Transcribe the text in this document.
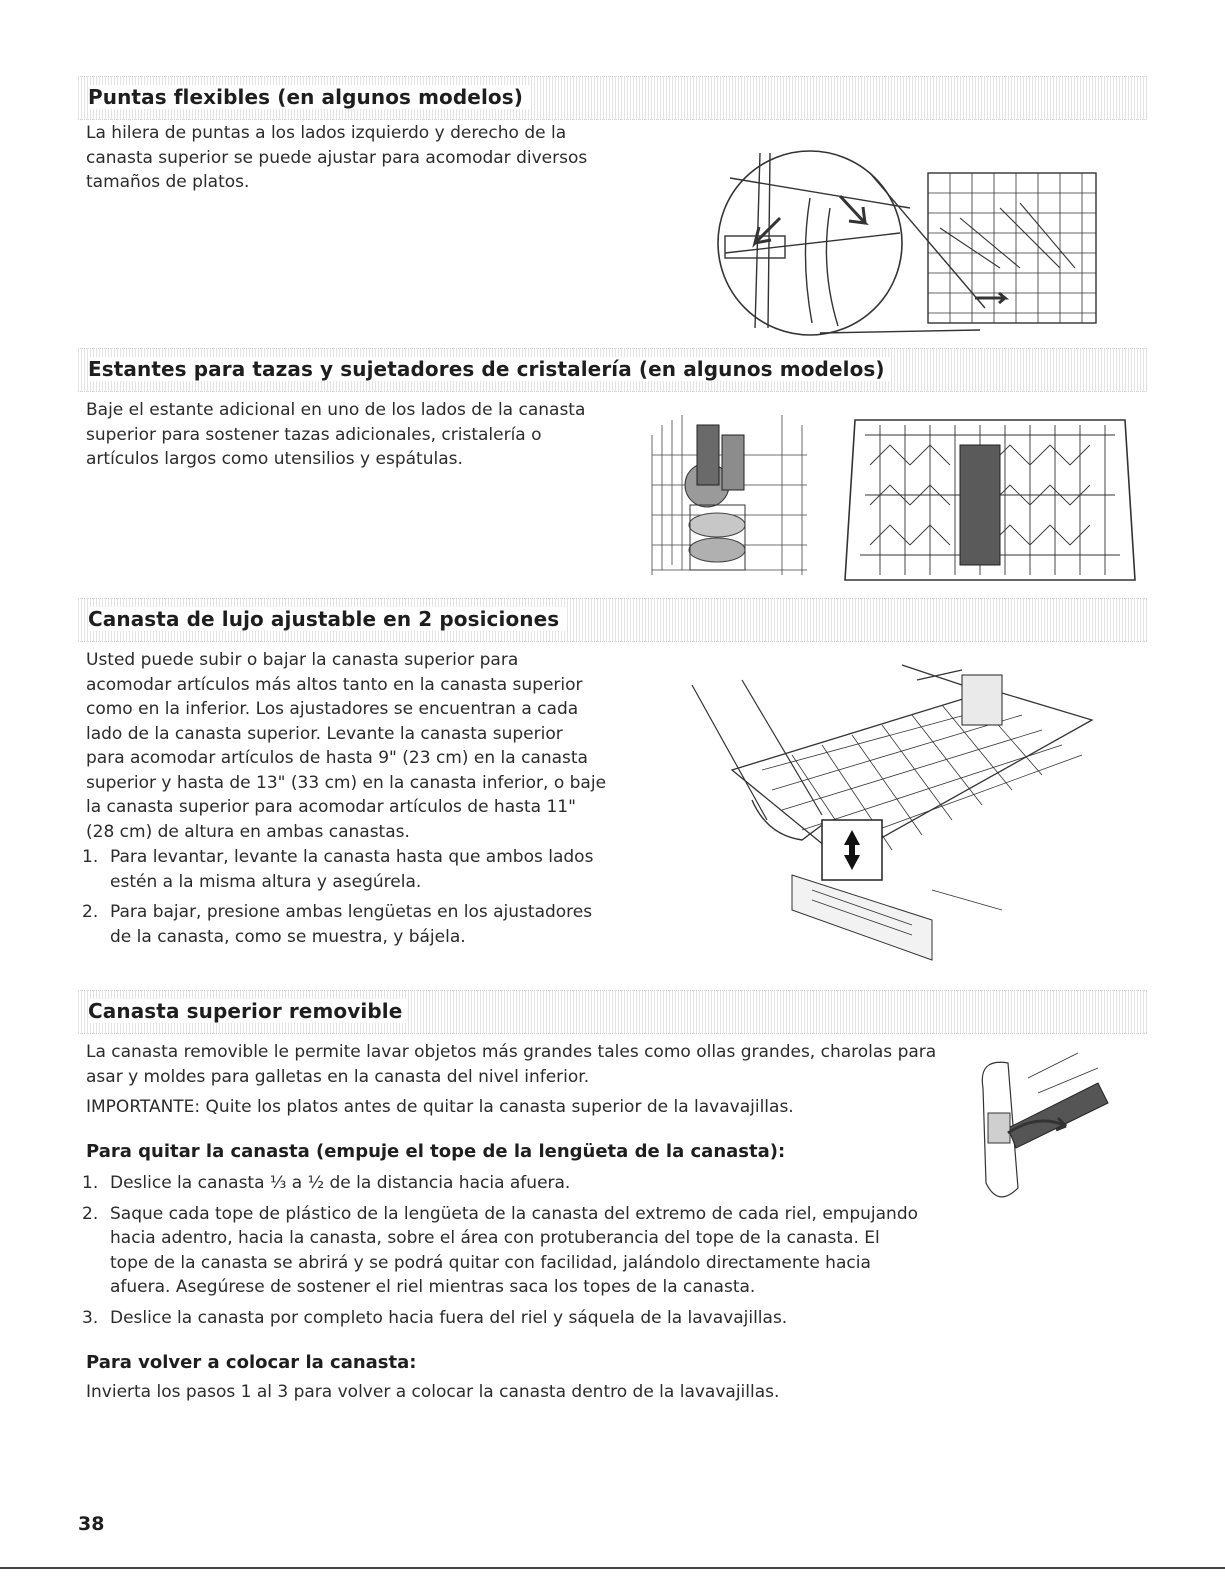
Puntas flexibles (en algunos modelos)

La hilera de puntas a los lados izquierdo y derecho de la
canasta superior se puede ajustar para acomodar diversos
tamaños de platos.

Estantes para tazas y sujetadores de cristalería (en algunos modelos)

Baje el estante adicional en uno de los lados de la canasta
superior para sostener tazas adicionales, cristalería o
artículos largos como utensilios y espátulas.

Canasta de lujo ajustable en 2 posiciones

Usted puede subir o bajar la canasta superior para
acomodar artículos más altos tanto en la canasta superior
como en la inferior. Los ajustadores se encuentran a cada
lado de la canasta superior. Levante la canasta superior
para acomodar artículos de hasta 9" (23 cm) en la canasta
superior y hasta de 13" (33 cm) en la canasta inferior, o baje
la canasta superior para acomodar artículos de hasta 11"
(28 cm) de altura en ambas canastas.

1. Para levantar, levante la canasta hasta que ambos lados
estén a la misma altura y asegúrela.
2. Para bajar, presione ambas lengüetas en los ajustadores
de la canasta, como se muestra, y bájela.
Canasta superior removible

La canasta removible le permite lavar objetos más grandes tales como ollas grandes, charolas para
asar y moldes para galletas en la canasta del nivel inferior.

IMPORTANTE: Quite los platos antes de quitar la canasta superior de la lavavajillas.

Para quitar la canasta (empuje el tope de la lengüeta de la canasta):

1. Deslice la canasta ⅓ a ½ de la distancia hacia afuera.
2. Saque cada tope de plástico de la lengüeta de la canasta del extremo de cada riel, empujando
hacia adentro, hacia la canasta, sobre el área con protuberancia del tope de la canasta. El
tope de la canasta se abrirá y se podrá quitar con facilidad, jalándolo directamente hacia
afuera. Asegúrese de sostener el riel mientras saca los topes de la canasta.
3. Deslice la canasta por completo hacia fuera del riel y sáquela de la lavavajillas.

Para volver a colocar la canasta:

Invierta los pasos 1 al 3 para volver a colocar la canasta dentro de la lavavajillas.

38
